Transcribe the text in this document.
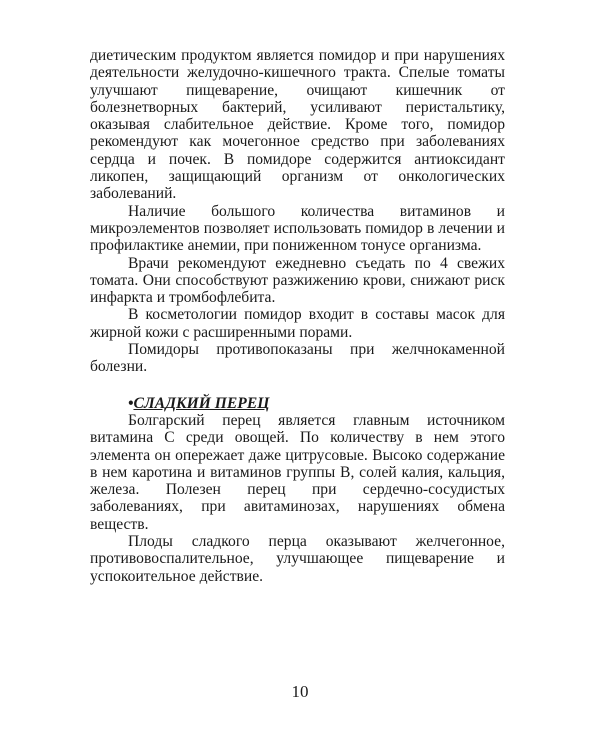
диетическим продуктом является помидор и при нарушениях деятельности желудочно-кишечного тракта. Спелые томаты улучшают пищеварение, очищают кишечник от болезнетворных бактерий, усиливают перистальтику, оказывая слабительное действие. Кроме того, помидор рекомендуют как мочегонное средство при заболеваниях сердца и почек. В помидоре содержится антиоксидант ликопен, защищающий организм от онкологических заболеваний.

Наличие большого количества витаминов и микроэлементов позволяет использовать помидор в лечении и профилактике анемии, при пониженном тонусе организма.

Врачи рекомендуют ежедневно съедать по 4 свежих томата. Они способствуют разжижению крови, снижают риск инфаркта и тромбофлебита.

В косметологии помидор входит в составы масок для жирной кожи с расширенными порами.

Помидоры противопоказаны при желчнокаменной болезни.

•СЛАДКИЙ ПЕРЕЦ

Болгарский перец является главным источником витамина С среди овощей. По количеству в нем этого элемента он опережает даже цитрусовые. Высоко содержание в нем каротина и витаминов группы В, солей калия, кальция, железа. Полезен перец при сердечно-сосудистых заболеваниях, при авитаминозах, нарушениях обмена веществ.

Плоды сладкого перца оказывают желчегонное, противовоспалительное, улучшающее пищеварение и успокоительное действие.

10
